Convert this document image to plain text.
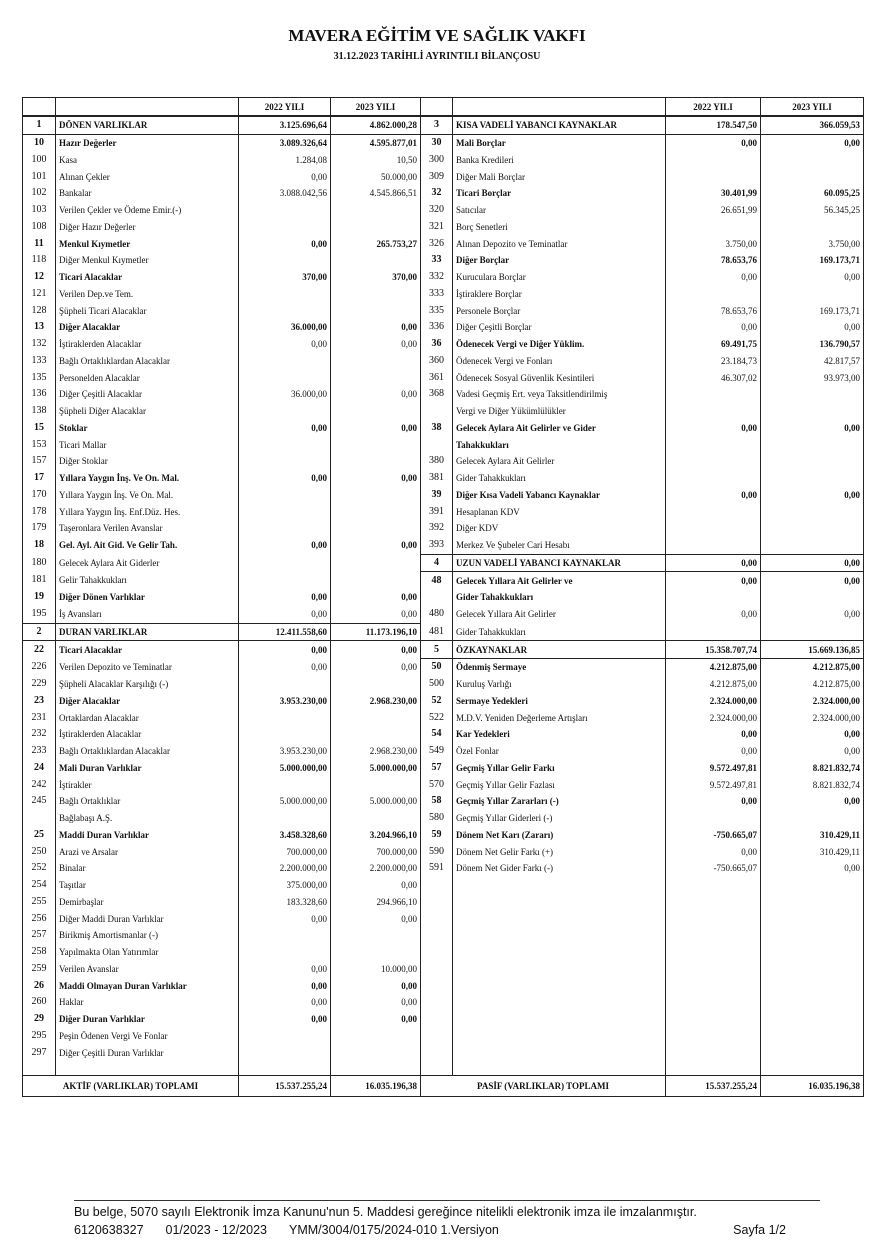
MAVERA EĞİTİM VE SAĞLIK VAKFI
31.12.2023 TARİHLİ AYRINTILI BİLANÇOSU
		2022 YILI	2023 YILI			2022 YILI	2023 YILI
1	DÖNEN VARLIKLAR	3.125.696,64	4.862.000,28	3	KISA VADELİ YABANCI KAYNAKLAR	178.547,50	366.059,53
10	Hazır Değerler	3.089.326,64	4.595.877,01	30	Mali Borçlar	0,00	0,00
100	Kasa	1.284,08	10,50	300	Banka Kredileri		
101	Alınan Çekler	0,00	50.000,00	309	Diğer Mali Borçlar		
102	Bankalar	3.088.042,56	4.545.866,51	32	Ticari Borçlar	30.401,99	60.095,25
103	Verilen Çekler ve Ödeme Emir.(-)			320	Satıcılar	26.651,99	56.345,25
108	Diğer Hazır Değerler			321	Borç Senetleri		
11	Menkul Kıymetler	0,00	265.753,27	326	Alınan Depozito ve Teminatlar	3.750,00	3.750,00
118	Diğer Menkul Kıymetler			33	Diğer Borçlar	78.653,76	169.173,71
12	Ticari Alacaklar	370,00	370,00	332	Kuruculara Borçlar	0,00	0,00
121	Verilen Dep.ve Tem.			333	İştiraklere Borçlar		
128	Şüpheli Ticari Alacaklar			335	Personele Borçlar	78.653,76	169.173,71
13	Diğer Alacaklar	36.000,00	0,00	336	Diğer Çeşitli Borçlar	0,00	0,00
132	İştiraklerden Alacaklar	0,00	0,00	36	Ödenecek Vergi ve Diğer Yüklim.	69.491,75	136.790,57
133	Bağlı Ortaklıklardan Alacaklar			360	Ödenecek Vergi ve Fonları	23.184,73	42.817,57
135	Personelden Alacaklar			361	Ödenecek Sosyal Güvenlik Kesintileri	46.307,02	93.973,00
136	Diğer Çeşitli Alacaklar	36.000,00	0,00	368	Vadesi Geçmiş Ert. veya Taksitlendirilmiş		
138	Şüpheli Diğer Alacaklar				Vergi ve Diğer Yükümlülükler		
15	Stoklar	0,00	0,00	38	Gelecek Aylara Ait Gelirler ve Gider	0,00	0,00
153	Ticari Mallar				Tahakkukları		
157	Diğer Stoklar			380	Gelecek Aylara Ait Gelirler		
17	Yıllara Yaygın İnş. Ve On. Mal.	0,00	0,00	381	Gider Tahakkukları		
170	Yıllara Yaygın İnş. Ve On. Mal.			39	Diğer Kısa Vadeli Yabancı Kaynaklar	0,00	0,00
178	Yıllara Yaygın İnş. Enf.Düz. Hes.			391	Hesaplanan KDV		
179	Taşeronlara Verilen Avanslar			392	Diğer KDV		
18	Gel. Ayl. Ait Gid. Ve Gelir Tah.	0,00	0,00	393	Merkez Ve Şubeler Cari Hesabı		
180	Gelecek Aylara Ait Giderler			4	UZUN VADELİ YABANCI KAYNAKLAR	0,00	0,00
181	Gelir Tahakkukları			48	Gelecek Yıllara Ait Gelirler ve	0,00	0,00
19	Diğer Dönen Varlıklar	0,00	0,00		Gider Tahakkukları		
195	İş Avansları	0,00	0,00	480	Gelecek Yıllara Ait Gelirler	0,00	0,00
2	DURAN VARLIKLAR	12.411.558,60	11.173.196,10	481	Gider Tahakkukları		
22	Ticari Alacaklar	0,00	0,00	5	ÖZKAYNAKLAR	15.358.707,74	15.669.136,85
226	Verilen Depozito ve Teminatlar	0,00	0,00	50	Ödenmiş Sermaye	4.212.875,00	4.212.875,00
229	Şüpheli Alacaklar Karşılığı (-)			500	Kuruluş Varlığı	4.212.875,00	4.212.875,00
23	Diğer Alacaklar	3.953.230,00	2.968.230,00	52	Sermaye Yedekleri	2.324.000,00	2.324.000,00
231	Ortaklardan Alacaklar			522	M.D.V. Yeniden Değerleme Artışları	2.324.000,00	2.324.000,00
232	İştiraklerden Alacaklar			54	Kar Yedekleri	0,00	0,00
233	Bağlı Ortaklıklardan Alacaklar	3.953.230,00	2.968.230,00	549	Özel Fonlar	0,00	0,00
24	Mali Duran Varlıklar	5.000.000,00	5.000.000,00	57	Geçmiş Yıllar Gelir Farkı	9.572.497,81	8.821.832,74
242	İştirakler			570	Geçmiş Yıllar Gelir Fazlası	9.572.497,81	8.821.832,74
245	Bağlı Ortaklıklar	5.000.000,00	5.000.000,00	58	Geçmiş Yıllar Zararları (-)	0,00	0,00
	Bağlabaşı A.Ş.			580	Geçmiş Yıllar Giderleri (-)		
25	Maddi Duran Varlıklar	3.458.328,60	3.204.966,10	59	Dönem Net Karı (Zararı)	-750.665,07	310.429,11
250	Arazi ve Arsalar	700.000,00	700.000,00	590	Dönem Net Gelir Farkı (+)	0,00	310.429,11
252	Binalar	2.200.000,00	2.200.000,00	591	Dönem Net Gider Farkı (-)	-750.665,07	0,00
254	Taşıtlar	375.000,00	0,00				
255	Demirbaşlar	183.328,60	294.966,10				
256	Diğer Maddi Duran Varlıklar	0,00	0,00				
257	Birikmiş Amortismanlar (-)						
258	Yapılmakta Olan Yatırımlar						
259	Verilen Avanslar	0,00	10.000,00				
26	Maddi Olmayan Duran Varlıklar	0,00	0,00				
260	Haklar	0,00	0,00				
29	Diğer Duran Varlıklar	0,00	0,00				
295	Peşin Ödenen Vergi Ve Fonlar						
297	Diğer Çeşitli Duran Varlıklar						

AKTİF (VARLIKLAR) TOPLAMI		15.537.255,24	16.035.196,38	PASİF (VARLIKLAR) TOPLAMI		15.537.255,24	16.035.196,38
Bu belge, 5070 sayılı Elektronik İmza Kanunu'nun 5. Maddesi gereğince nitelikli elektronik imza ile imzalanmıştır.
6120638327 01/2023 - 12/2023 YMM/3004/0175/2024-010 1.Versiyon	Sayfa 1/2
